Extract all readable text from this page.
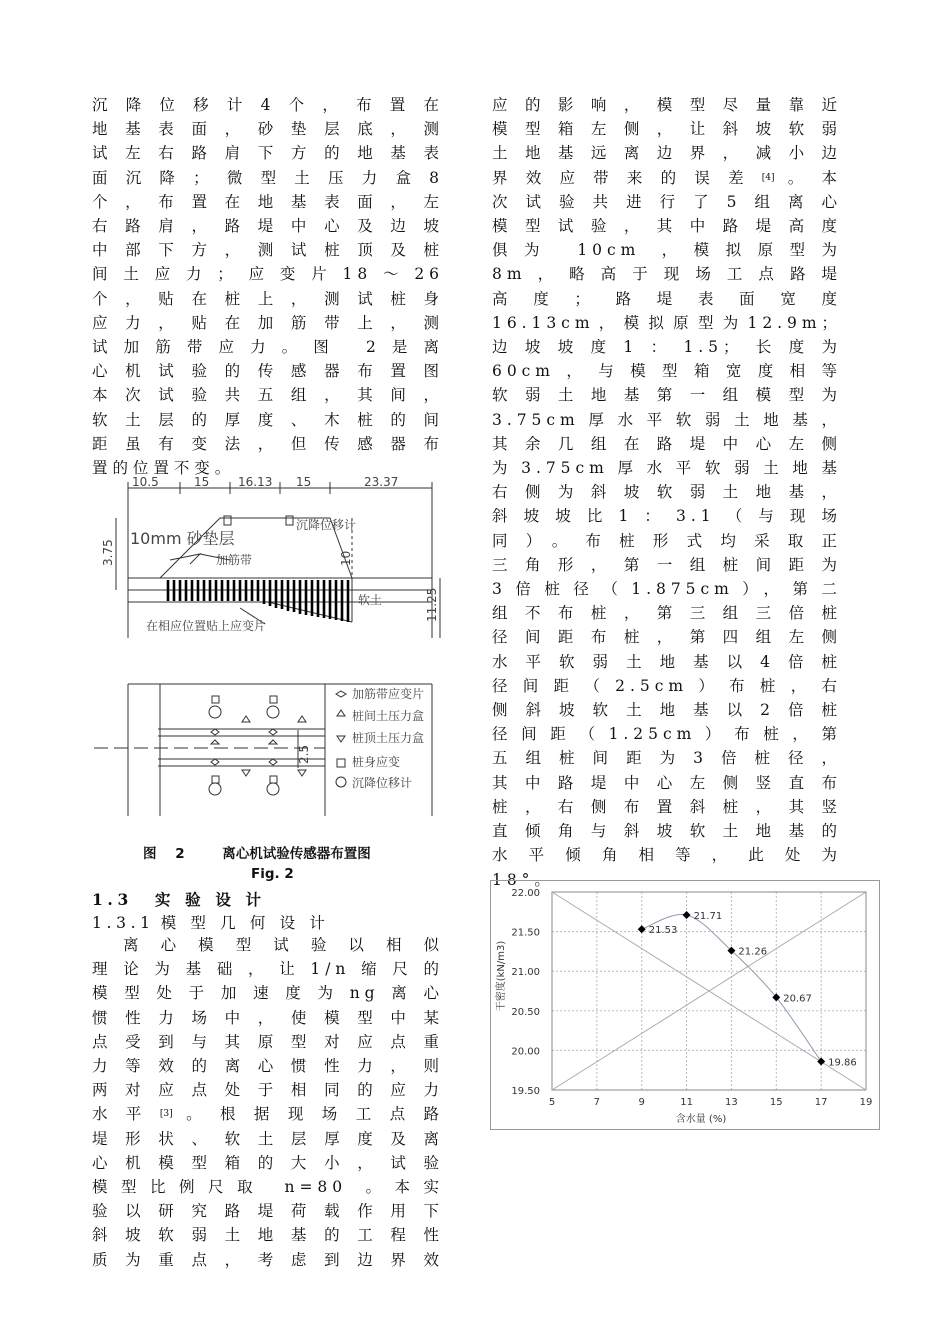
沉降位移计4个，布置在

地基表面，砂垫层底，测

试左右路肩下方的地基表

面沉降；微型土压力盒8

个，布置在地基表面，左

右路肩，路堤中心及边坡

中部下方，测试桩顶及桩

间土应力；应变片18～26

个，贴在桩上，测试桩身

应力，贴在加筋带上，测

试加筋带应力。图 2是离

心机试验的传感器布置图

本次试验共五组，其间，

软土层的厚度、木桩的间

距虽有变法，但传感器布

置的位置不变。

10.5	15 16.13 15	23.37
3.75
11.25
10
10mm 砂垫层
加筋带
沉降位移计
软土
在相应位置贴上应变片
2.5
加筋带应变片
桩间土压力盒
桩顶土压力盒
桩身应变
沉降位移计
图    2        离心机试验传感器布置图
Fig. 2
1.3 实 验 设 计
1.3.1 模 型 几 何 设 计

离心模型试验以相似

理论为基础，让1/n缩尺的

模型处于加速度为ng离心

惯性力场中，使模型中某

点受到与其原型对应点重

力等效的离心惯性力，则

两对应点处于相同的应力

水平[3]。根据现场工点路

堤形状、软土层厚度及离

心机模型箱的大小，试验

模型比例尺取 n=80 。本实

验以研究路堤荷载作用下

斜坡软弱土地基的工程性

质为重点，考虑到边界效

应的影响，模型尽量靠近

模型箱左侧，让斜坡软弱

土地基远离边界，减小边

界效应带来的误差[4]。本

次试验共进行了5组离心

模型试验，其中路堤高度

俱为 10cm ，模拟原型为

8m，略高于现场工点路堤

高度；路堤表面宽度

16.13cm，模拟原型为12.9m；

边坡坡度1：1.5；长度为

60cm，与模型箱宽度相等

软弱土地基第一组模型为

3.75cm厚水平软弱土地基，

其余几组在路堤中心左侧

为3.75cm厚水平软弱土地基

右侧为斜坡软弱土地基，

斜坡坡比1：3.1（与现场

同）。布桩形式均采取正

三角形，第一组桩间距为

3倍桩径（1.875cm），第二

组不布桩，第三组三倍桩

径间距布桩，第四组左侧

水平软弱土地基以4倍桩

径间距（2.5cm）布桩，右

侧斜坡软土地基以2倍桩

径间距（1.25cm）布桩，第

五组桩间距为3倍桩径，

其中路堤中心左侧竖直布

桩，右侧布置斜桩，其竖

直倾角与斜坡软土地基的

水平倾角相等，此处为

18°。

21.53
21.71
21.26
20.67
19.86
5	7	9	11	13	15	17	19
19.50
20.00
20.50
21.00
21.50
22.00
含水量 (%)
干密度(kN/m3)
